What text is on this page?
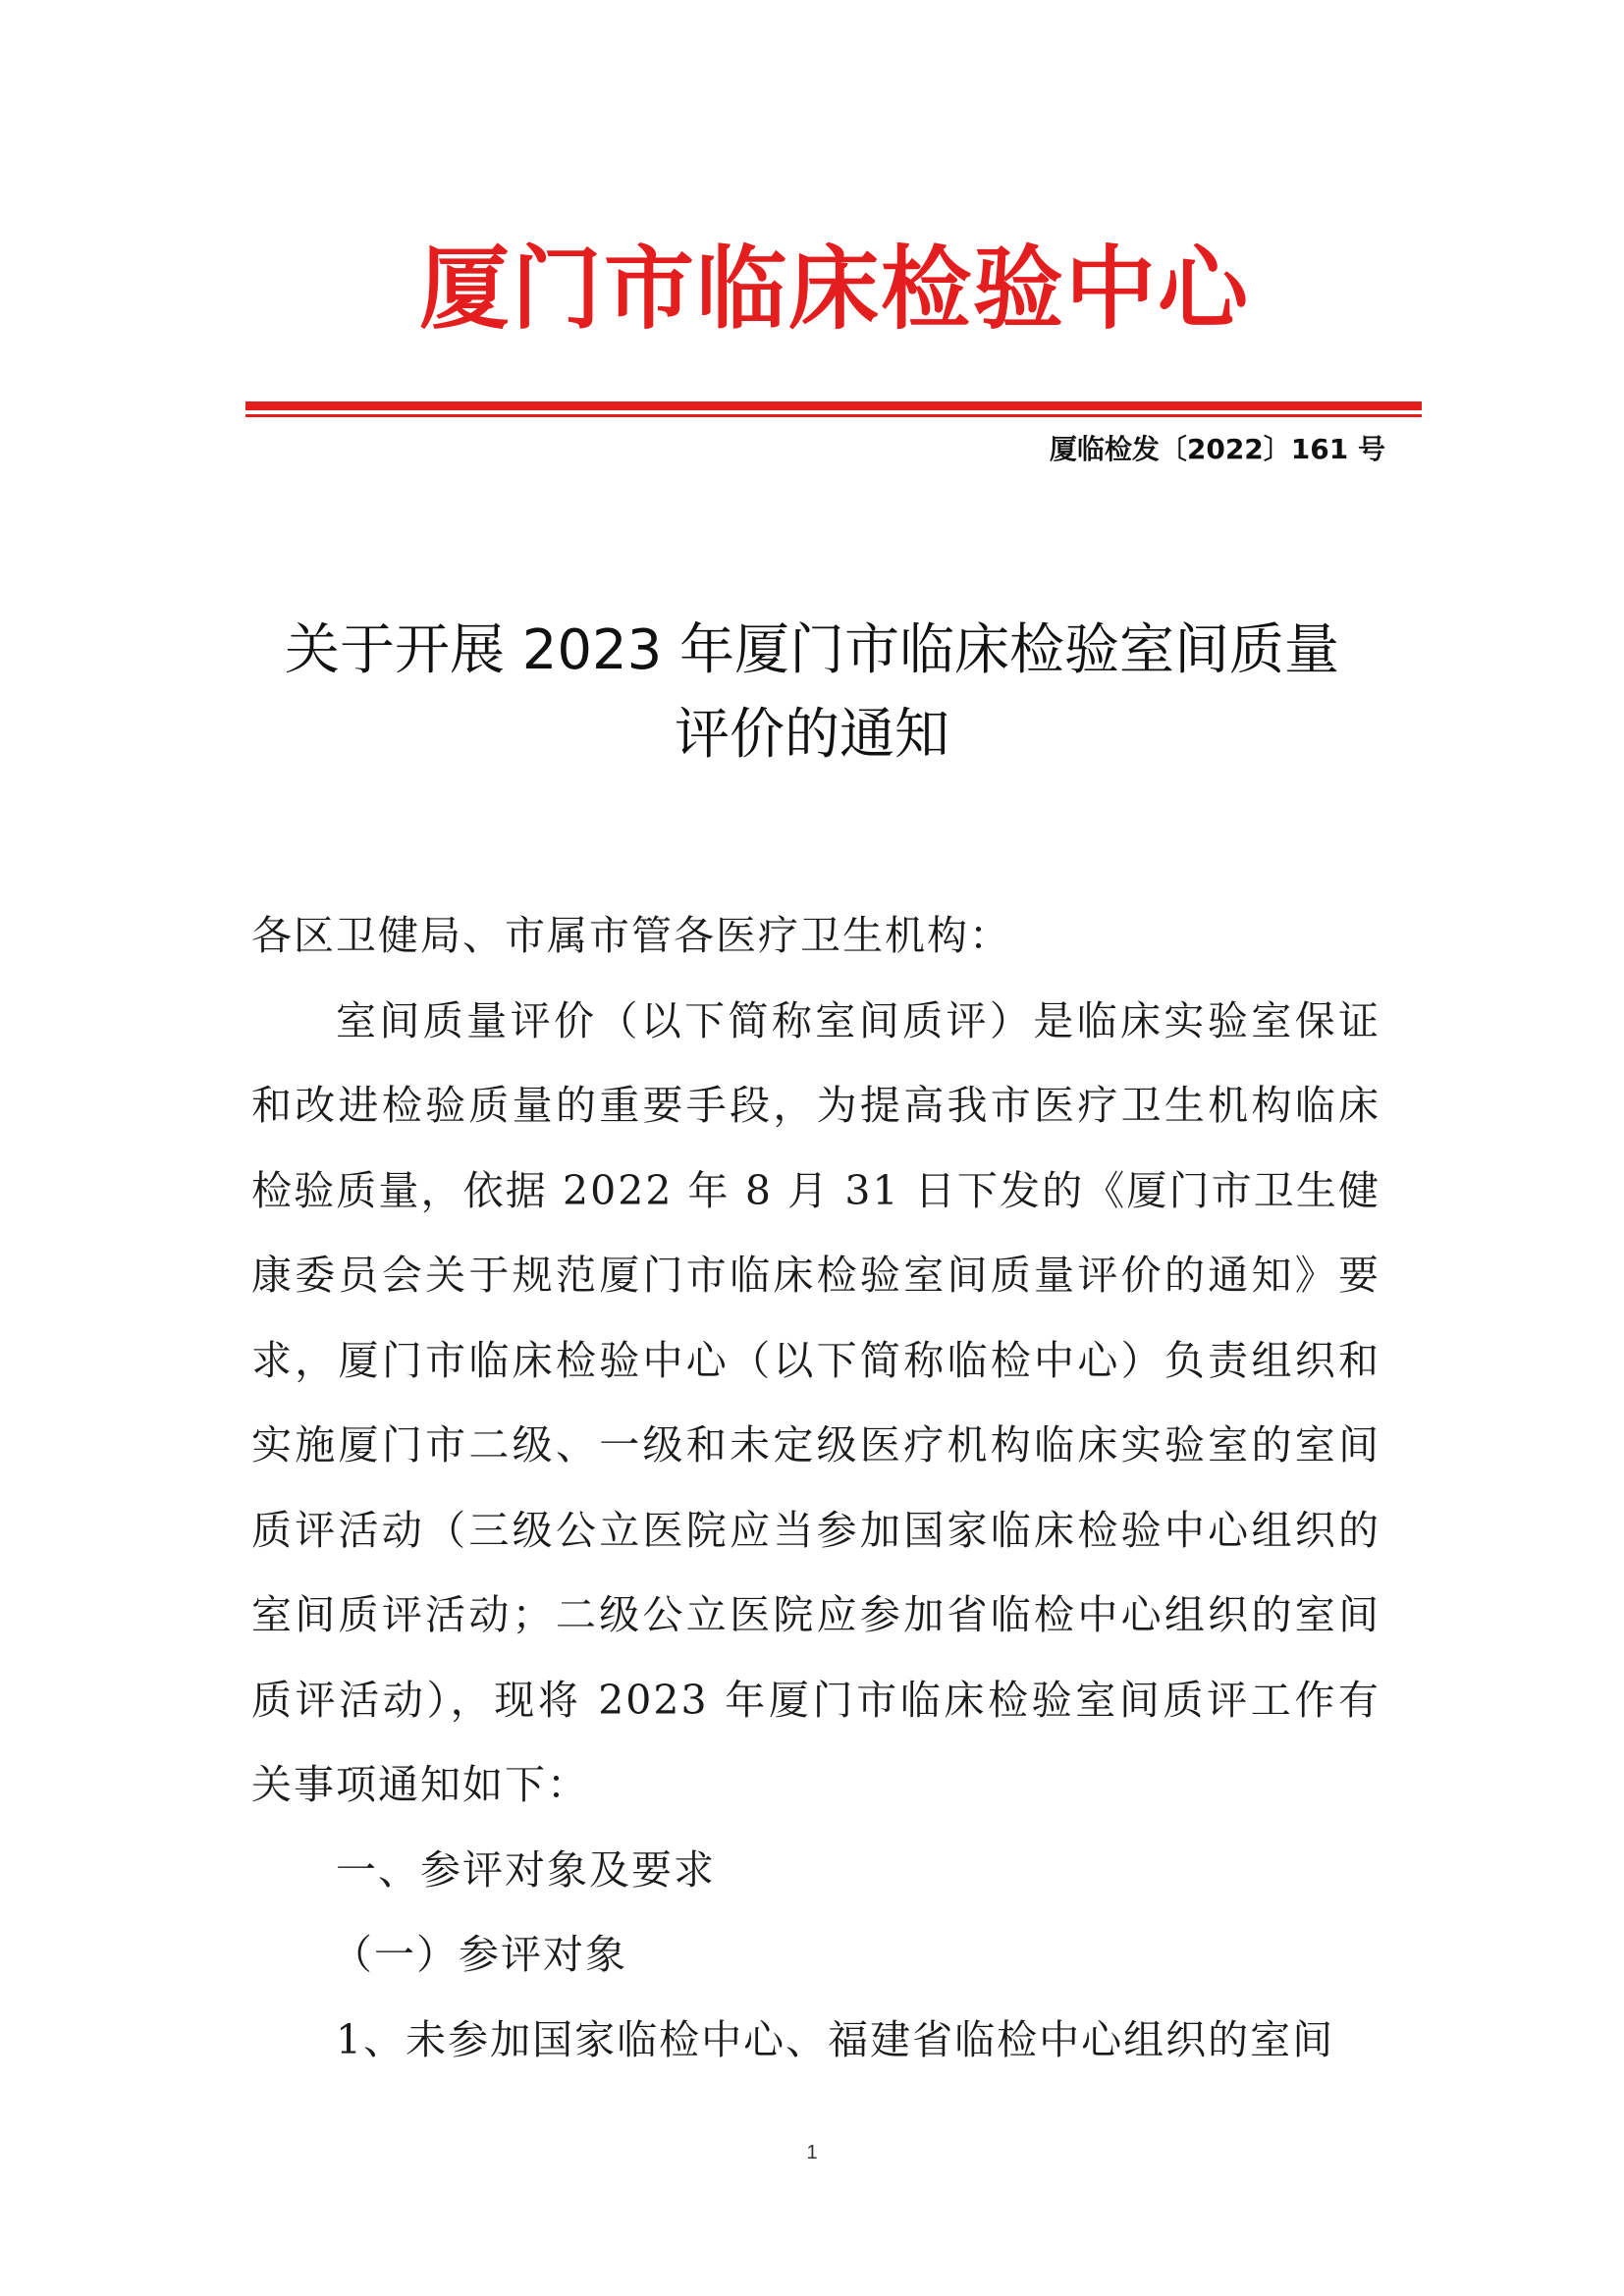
厦门市临床检验中心
厦临检发〔2022〕161 号
关于开展 2023 年厦门市临床检验室间质量
评价的通知

各区卫健局、市属市管各医疗卫生机构：

室间质量评价（以下简称室间质评）是临床实验室保证和改进检验质量的重要手段，为提高我市医疗卫生机构临床检验质量，依据 2022 年 8 月 31 日下发的《厦门市卫生健康委员会关于规范厦门市临床检验室间质量评价的通知》要求，厦门市临床检验中心（以下简称临检中心）负责组织和实施厦门市二级、一级和未定级医疗机构临床实验室的室间质评活动（三级公立医院应当参加国家临床检验中心组织的室间质评活动；二级公立医院应参加省临检中心组织的室间质评活动），现将 2023 年厦门市临床检验室间质评工作有关事项通知如下：

一、参评对象及要求

（一）参评对象

1、未参加国家临检中心、福建省临检中心组织的室间

1
